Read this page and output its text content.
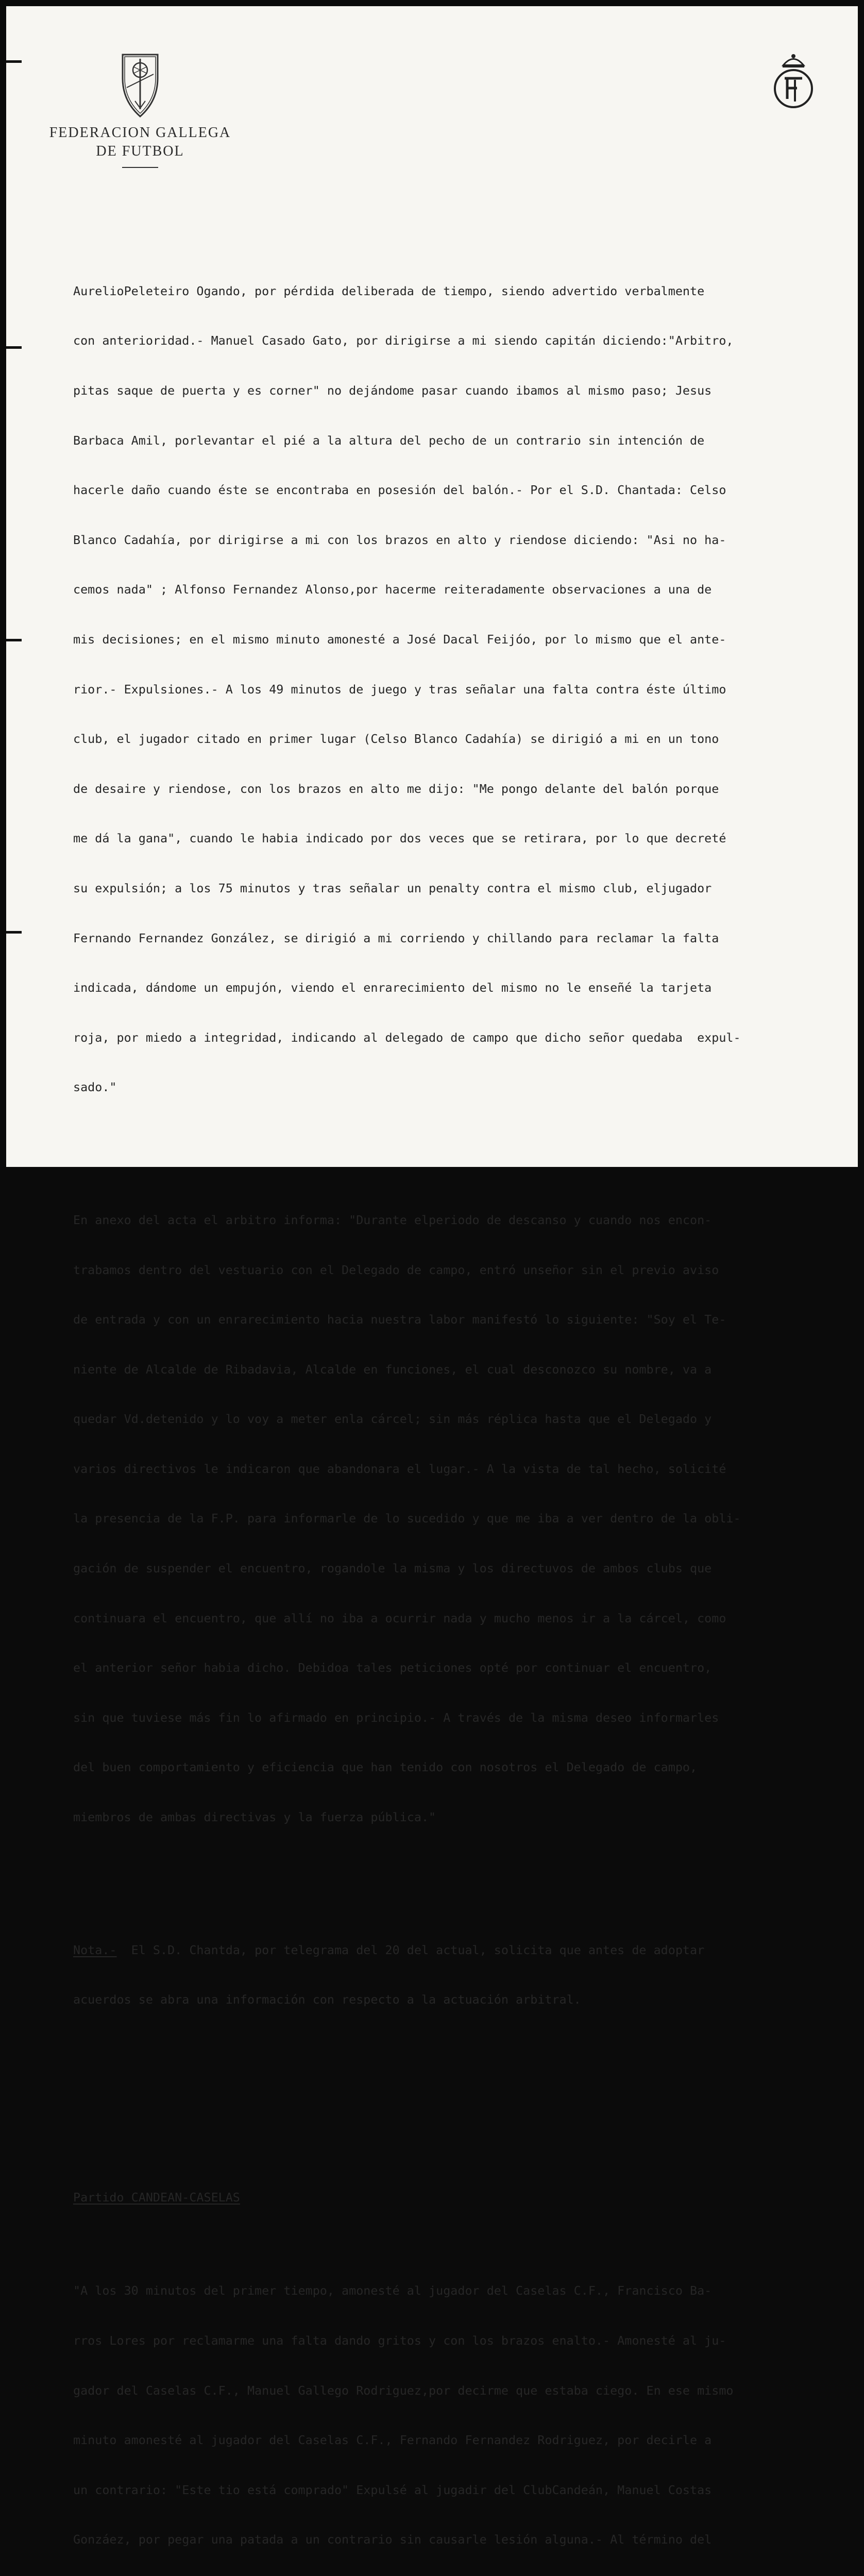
FEDERACION GALLEGA
DE FUTBOL

AurelioPeleteiro Ogando, por pérdida deliberada de tiempo, siendo advertido verbalmente

con anterioridad.- Manuel Casado Gato, por dirigirse a mi siendo capitán diciendo:"Arbitro,

pitas saque de puerta y es corner" no dejándome pasar cuando ibamos al mismo paso; Jesus

Barbaca Amil, porlevantar el pié a la altura del pecho de un contrario sin intención de

hacerle daño cuando éste se encontraba en posesión del balón.- Por el S.D. Chantada: Celso

Blanco Cadahía, por dirigirse a mi con los brazos en alto y riendose diciendo: "Asi no ha-

cemos nada" ; Alfonso Fernandez Alonso,por hacerme reiteradamente observaciones a una de

mis decisiones; en el mismo minuto amonesté a José Dacal Feijóo, por lo mismo que el ante-

rior.- Expulsiones.- A los 49 minutos de juego y tras señalar una falta contra éste último

club, el jugador citado en primer lugar (Celso Blanco Cadahía) se dirigió a mi en un tono

de desaire y riendose, con los brazos en alto me dijo: "Me pongo delante del balón porque

me dá la gana", cuando le habia indicado por dos veces que se retirara, por lo que decreté

su expulsión; a los 75 minutos y tras señalar un penalty contra el mismo club, eljugador

Fernando Fernandez González, se dirigió a mi corriendo y chillando para reclamar la falta

indicada, dándome un empujón, viendo el enrarecimiento del mismo no le enseñé la tarjeta

roja, por miedo a integridad, indicando al delegado de campo que dicho señor quedaba  expul-

sado."

En anexo del acta el arbitro informa: "Durante elperiodo de descanso y cuando nos encon-

trabamos dentro del vestuario con el Delegado de campo, entró unseñor sin el previo aviso

de entrada y con un enrarecimiento hacia nuestra labor manifestó lo siguiente: "Soy el Te-

niente de Alcalde de Ribadavia, Alcalde en funciones, el cual desconozco su nombre, va a

quedar Vd.detenido y lo voy a meter enla cárcel; sin más réplica hasta que el Delegado y

varios directivos le indicaron que abandonara el lugar.- A la vista de tal hecho, solicité

la presencia de la F.P. para informarle de lo sucedido y que me iba a ver dentro de la obli-

gación de suspender el encuentro, rogandole la misma y los directuvos de ambos clubs que

continuara el encuentro, que allí no iba a ocurrir nada y mucho menos ir a la cárcel, como

el anterior señor habia dicho. Debidoa tales peticiones opté por continuar el encuentro,

sin que tuviese más fin lo afirmado en principio.- A través de la misma deseo informarles

del buen comportamiento y eficiencia que han tenido con nosotros el Delegado de campo,

miembros de ambas directivas y la fuerza pública."

Nota.-  El S.D. Chantda, por telegrama del 20 del actual, solicita que antes de adoptar

acuerdos se abra una información con respecto a la actuación arbitral.

Partido CANDEAN-CASELAS

"A los 30 minutos del primer tiempo, amonesté al jugador del Caselas C.F., Francisco Ba-

rros Lores por reclamarme una falta dando gritos y con los brazos enalto.- Amonesté al ju-

gador del Caselas C.F., Manuel Gallego Rodriguez,por decirme que estaba ciego. En ese mismo

minuto amonesté al jugador del Caselas C.F., Fernando Fernandez Rodriguez, por decirle a

un contrario: "Este tio está comprado" Expulsé al jugadir del ClubCandeán, Manuel Costas

Gonzáez, por pegar una patada a un contrario sin causarle lesión alguna.- Al término del
